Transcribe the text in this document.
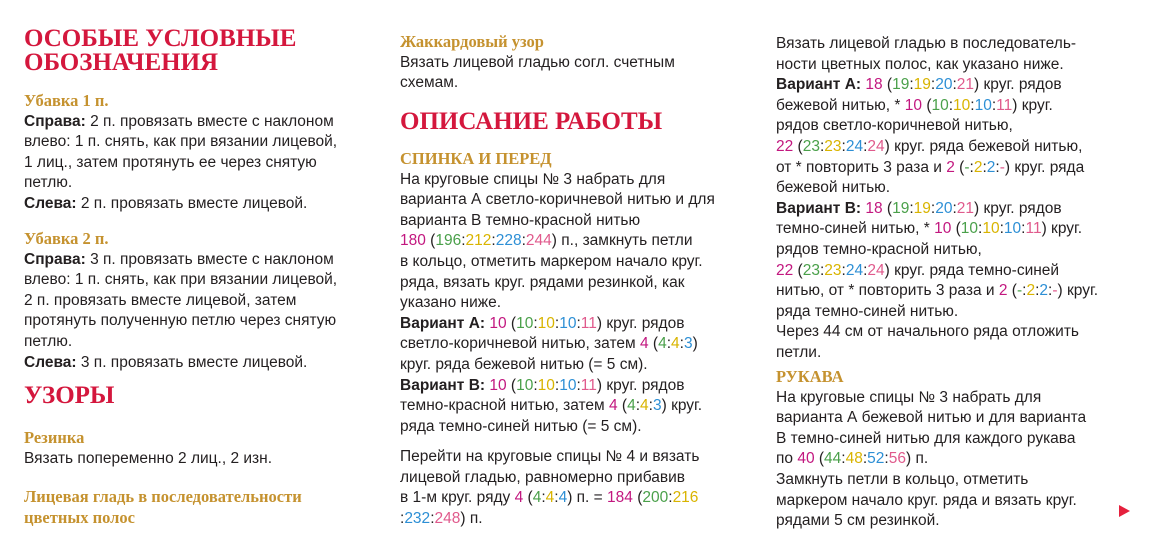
ОСОБЫЕ УСЛОВНЫЕ
ОБОЗНАЧЕНИЯ
Убавка 1 п.

Справа: 2 п. провязать вместе с наклоном

влево: 1 п. снять, как при вязании лицевой,

1 лиц., затем протянуть ее через снятую

петлю.

Слева: 2 п. провязать вместе лицевой.

Убавка 2 п.

Справа: 3 п. провязать вместе с наклоном

влево: 1 п. снять, как при вязании лицевой,

2 п. провязать вместе лицевой, затем

протянуть полученную петлю через снятую

петлю.

Слева: 3 п. провязать вместе лицевой.

УЗОРЫ
Резинка

Вязать попеременно 2 лиц., 2 изн.

Лицевая гладь в последовательности
цветных полос
Жаккардовый узор

Вязать лицевой гладью согл. счетным

схемам.

ОПИСАНИЕ РАБОТЫ
СПИНКА И ПЕРЕД

На круговые спицы № 3 набрать для

варианта А светло-коричневой нитью и для

варианта В темно-красной нитью

180 (196:212:228:244) п., замкнуть петли

в кольцо, отметить маркером начало круг.

ряда, вязать круг. рядами резинкой, как

указано ниже.

Вариант А: 10 (10:10:10:11) круг. рядов

светло-коричневой нитью, затем 4 (4:4:3)

круг. ряда бежевой нитью (= 5 см).

Вариант В: 10 (10:10:10:11) круг. рядов

темно-красной нитью, затем 4 (4:4:3) круг.

ряда темно-синей нитью (= 5 см).

Перейти на круговые спицы № 4 и вязать

лицевой гладью, равномерно прибавив

в 1-м круг. ряду 4 (4:4:4) п. = 184 (200:216
:232:248) п.

Вязать лицевой гладью в последователь-

ности цветных полос, как указано ниже.

Вариант А: 18 (19:19:20:21) круг. рядов

бежевой нитью, * 10 (10:10:10:11) круг.

рядов светло-коричневой нитью,

22 (23:23:24:24) круг. ряда бежевой нитью,

от * повторить 3 раза и 2 (-:2:2:-) круг. ряда

бежевой нитью.

Вариант В: 18 (19:19:20:21) круг. рядов

темно-синей нитью, * 10 (10:10:10:11) круг.

рядов темно-красной нитью,

22 (23:23:24:24) круг. ряда темно-синей

нитью, от * повторить 3 раза и 2 (-:2:2:-) круг.

ряда темно-синей нитью.

Через 44 см от начального ряда отложить

петли.

РУКАВА

На круговые спицы № 3 набрать для

варианта А бежевой нитью и для варианта

В темно-синей нитью для каждого рукава

по 40 (44:48:52:56) п.

Замкнуть петли в кольцо, отметить

маркером начало круг. ряда и вязать круг.

рядами 5 см резинкой.
